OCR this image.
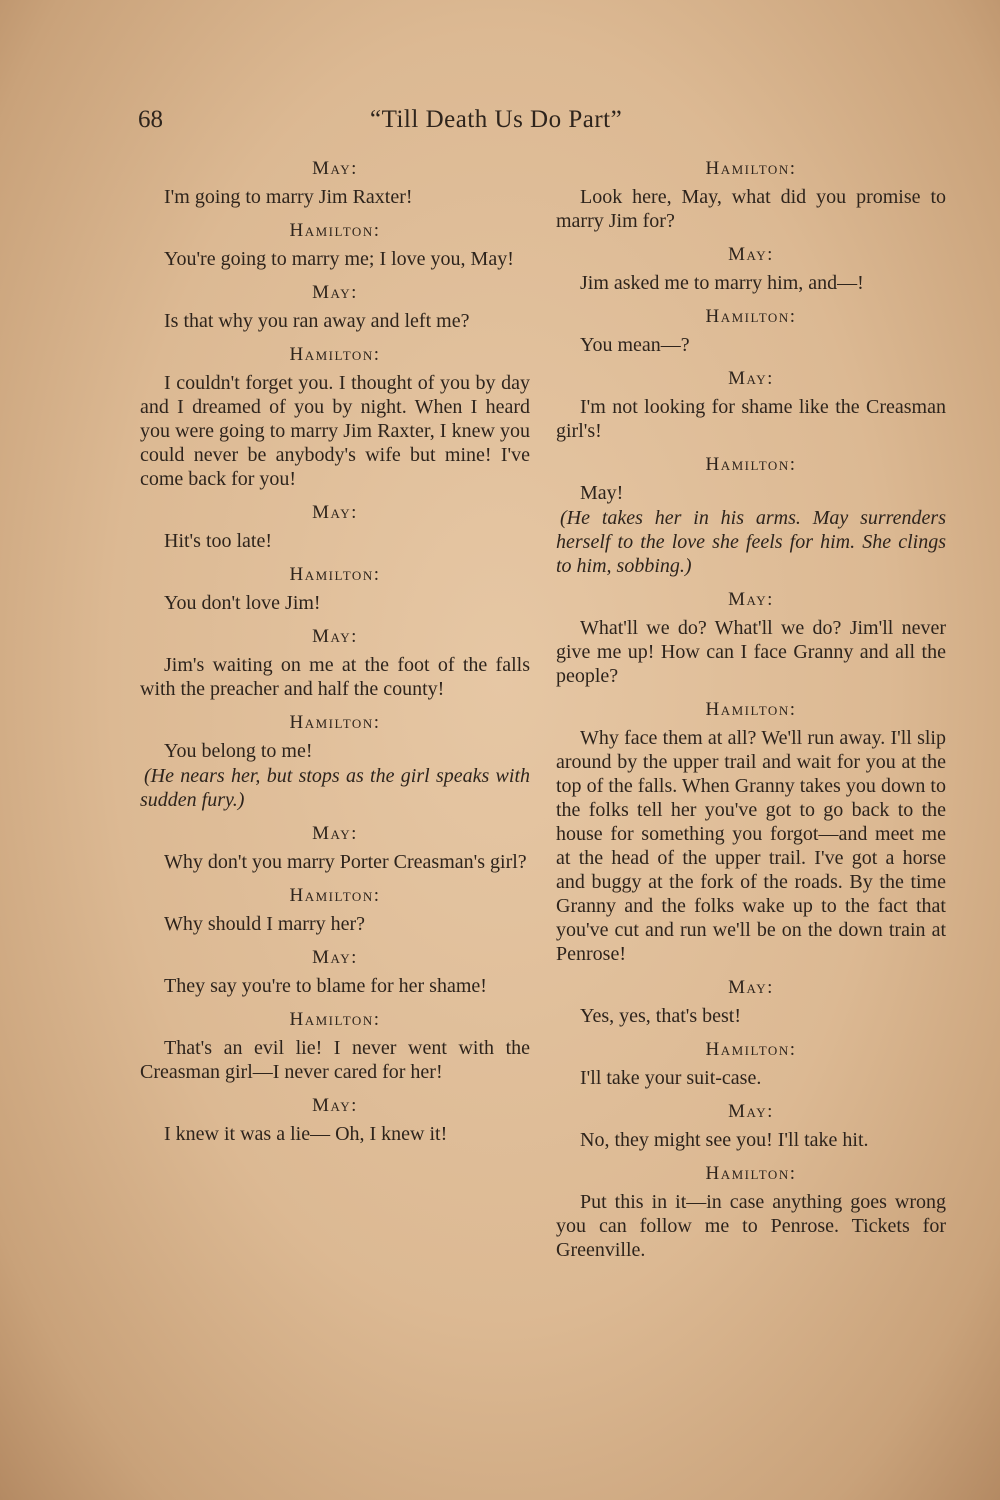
68	“Till Death Us Do Part”
May:
I'm going to marry Jim Raxter!
Hamilton:
You're going to marry me; I love you, May!
May:
Is that why you ran away and left me?
Hamilton:
I couldn't forget you. I thought of you by day and I dreamed of you by night. When I heard you were going to marry Jim Raxter, I knew you could never be anybody's wife but mine! I've come back for you!
May:
Hit's too late!
Hamilton:
You don't love Jim!
May:
Jim's waiting on me at the foot of the falls with the preacher and half the county!
Hamilton:
You belong to me!
(He nears her, but stops as the girl speaks with sudden fury.)
May:
Why don't you marry Porter Creasman's girl?
Hamilton:
Why should I marry her?
May:
They say you're to blame for her shame!
Hamilton:
That's an evil lie! I never went with the Creasman girl—I never cared for her!
May:
I knew it was a lie— Oh, I knew it!
Hamilton:
Look here, May, what did you promise to marry Jim for?
May:
Jim asked me to marry him, and—!
Hamilton:
You mean—?
May:
I'm not looking for shame like the Creasman girl's!
Hamilton:
May!
(He takes her in his arms. May surrenders herself to the love she feels for him. She clings to him, sobbing.)
May:
What'll we do? What'll we do? Jim'll never give me up! How can I face Granny and all the people?
Hamilton:
Why face them at all? We'll run away. I'll slip around by the upper trail and wait for you at the top of the falls. When Granny takes you down to the folks tell her you've got to go back to the house for something you forgot—and meet me at the head of the upper trail. I've got a horse and buggy at the fork of the roads. By the time Granny and the folks wake up to the fact that you've cut and run we'll be on the down train at Penrose!
May:
Yes, yes, that's best!
Hamilton:
I'll take your suit-case.
May:
No, they might see you! I'll take hit.
Hamilton:
Put this in it—in case anything goes wrong you can follow me to Penrose. Tickets for Greenville.
